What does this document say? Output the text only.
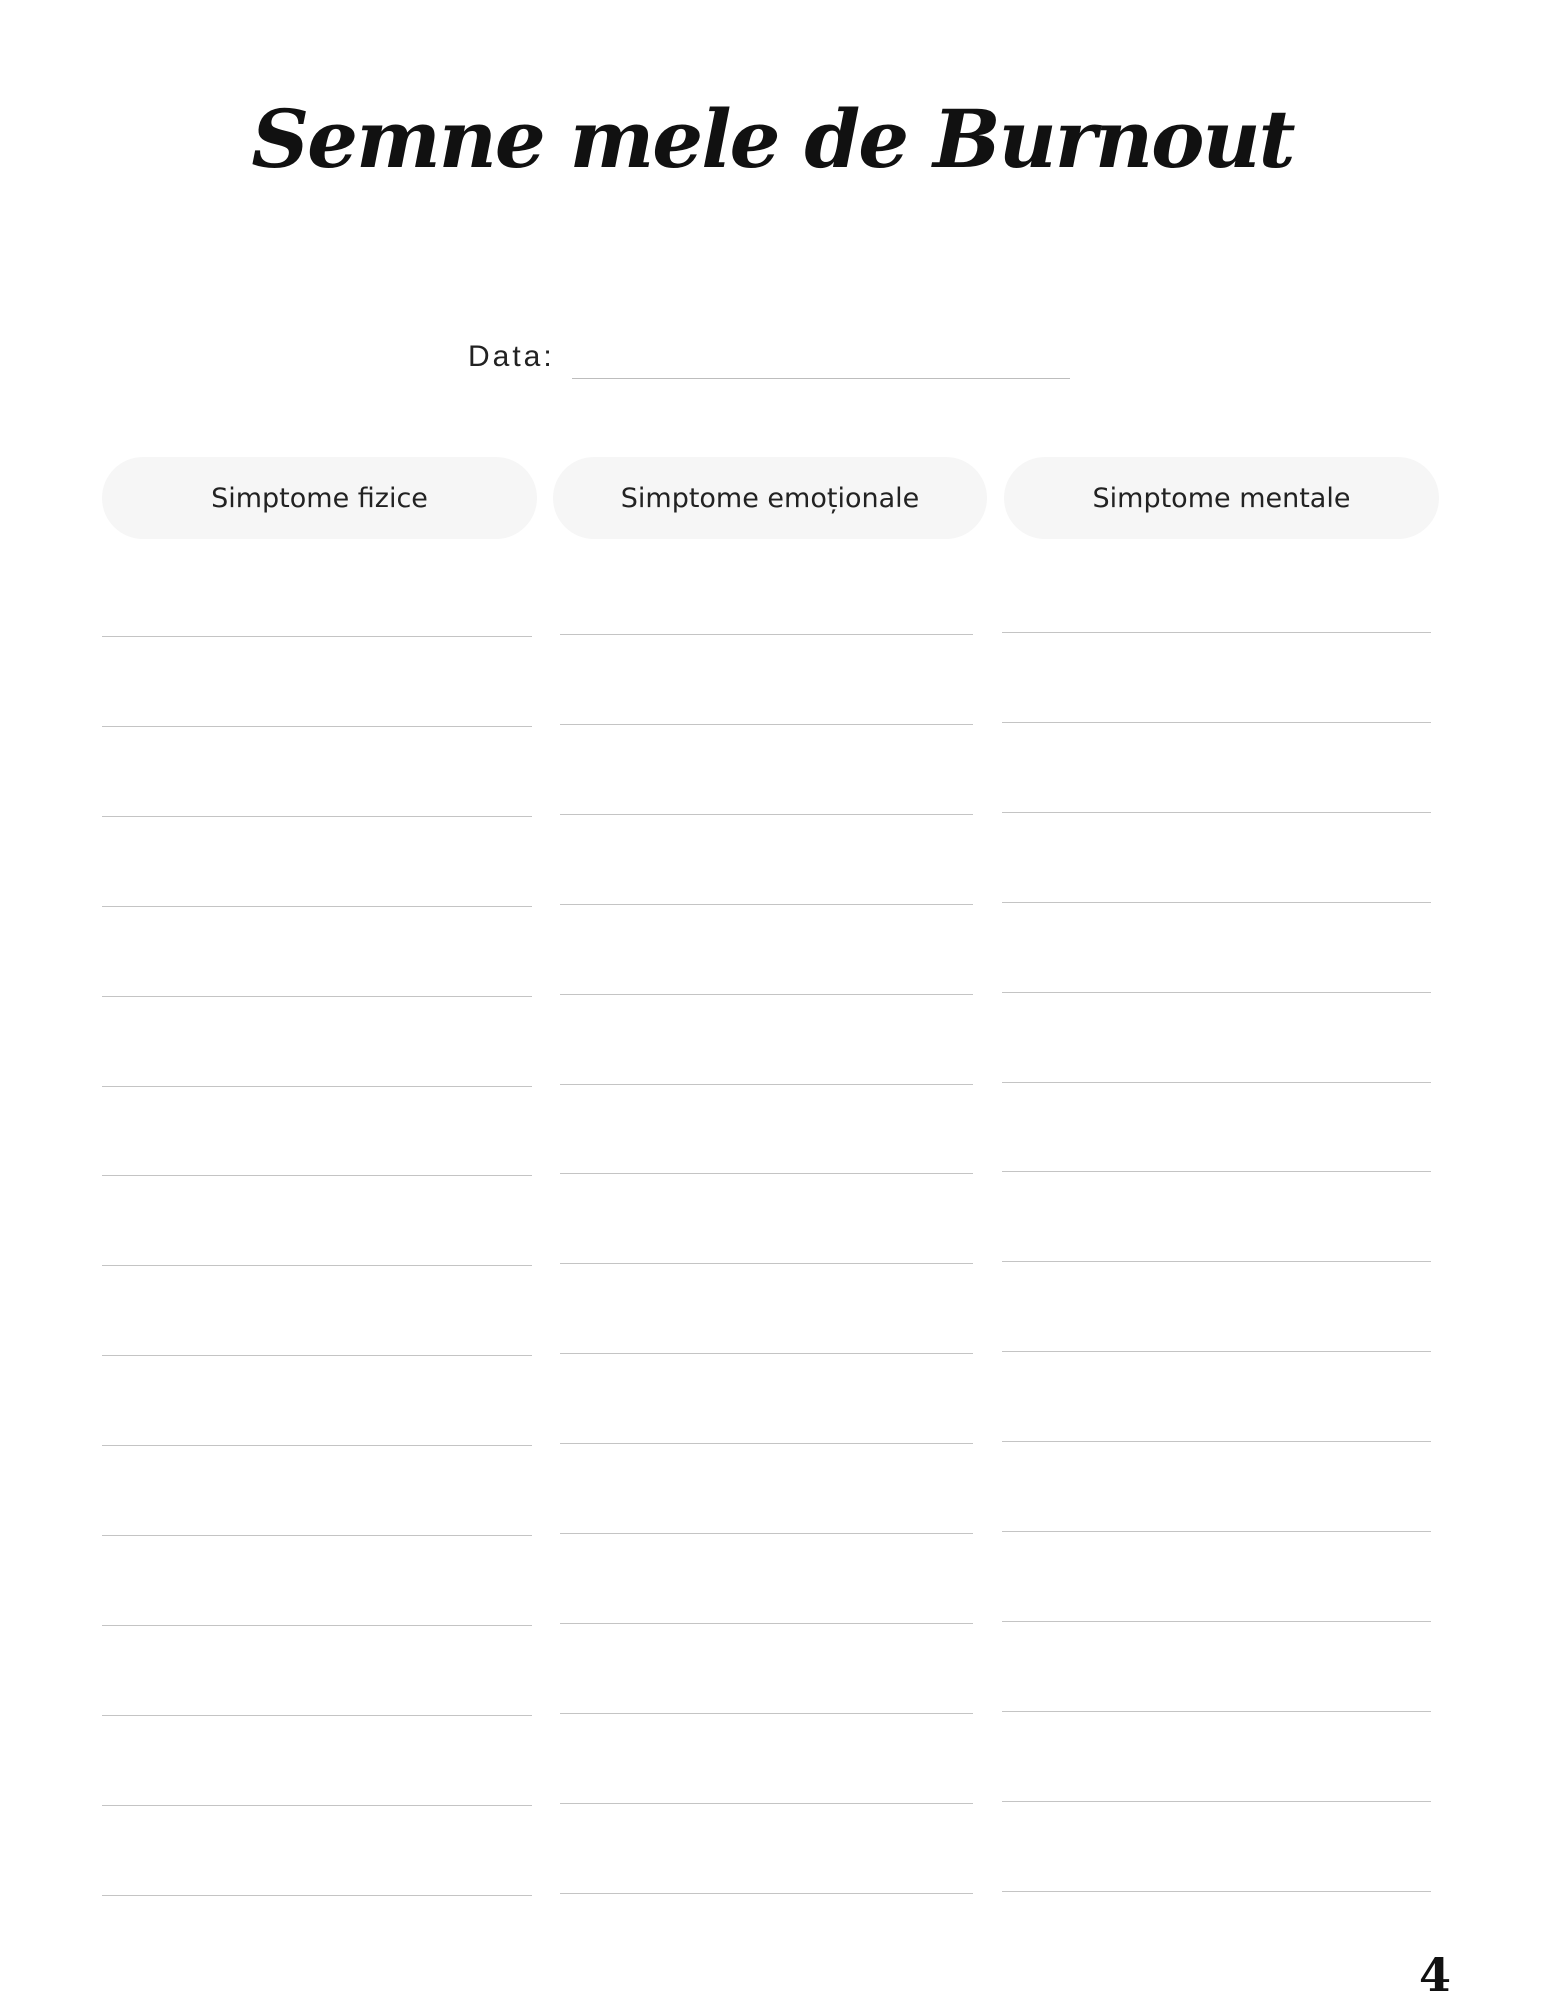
Semne mele de Burnout
Data:
Simptome fizice	Simptome emoționale	Simptome mentale
4
